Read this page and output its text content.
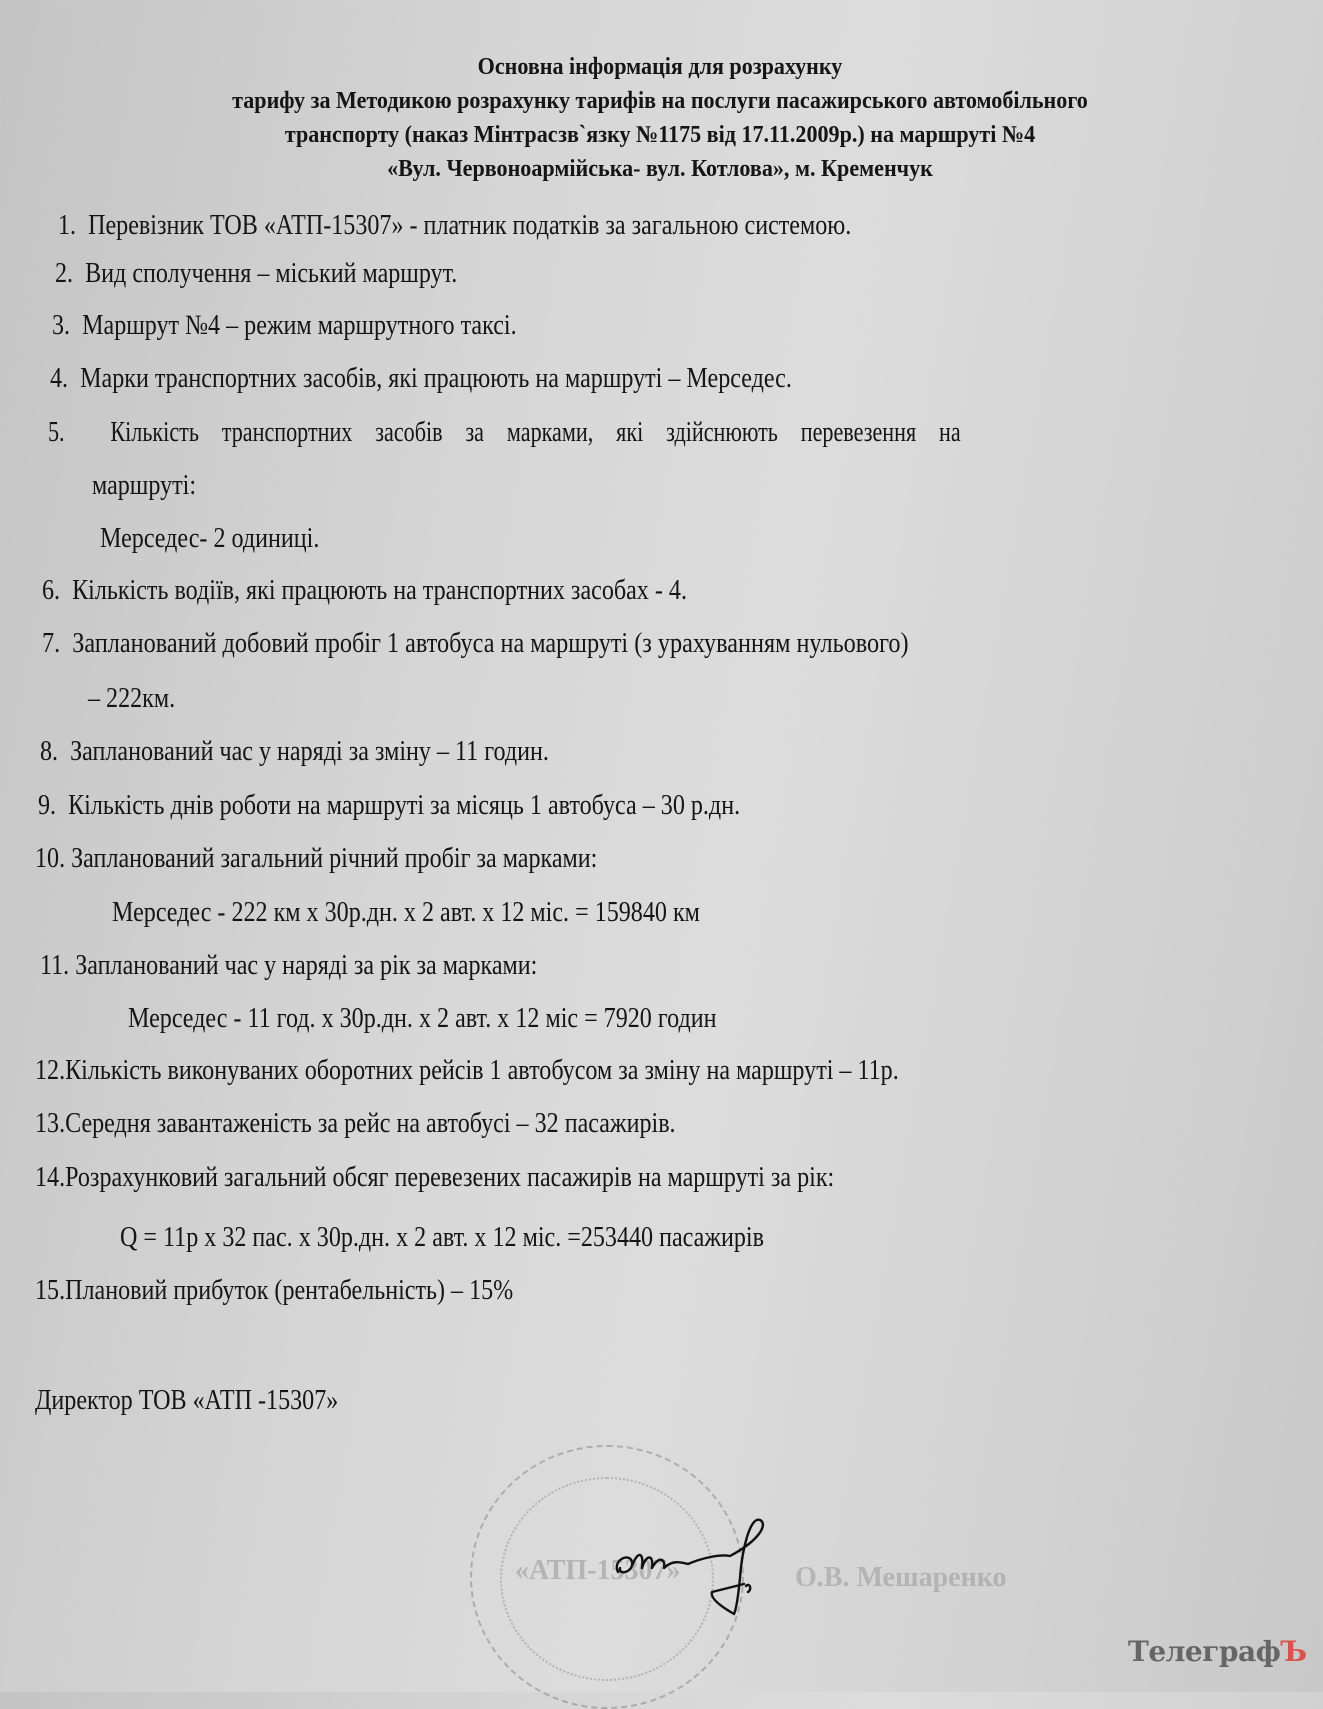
Основна інформація для розрахунку
тарифу за Методикою розрахунку тарифів на послуги пасажирського автомобільного
транспорту (наказ Мінтрасзв`язку №1175 від 17.11.2009р.) на маршруті №4
«Вул. Червоноармійська- вул. Котлова», м. Кременчук
1. Перевізник ТОВ «АТП-15307» - платник податків за загальною системою.
2. Вид сполучення – міський маршрут.
3. Маршрут №4 – режим маршрутного таксі.
4. Марки транспортних засобів, які працюють на маршруті – Мерседес.
5. Кількість транспортних засобів за марками, які здійснюють перевезення на
маршруті:
Мерседес- 2 одиниці.
6. Кількість водіїв, які працюють на транспортних засобах - 4.
7. Запланований добовий пробіг 1 автобуса на маршруті (з урахуванням нульового)
– 222км.
8. Запланований час у наряді за зміну – 11 годин.
9. Кількість днів роботи на маршруті за місяць 1 автобуса – 30 р.дн.
10. Запланований загальний річний пробіг за марками:
Мерседес - 222 км х 30р.дн. х 2 авт. х 12 міс. = 159840 км
11. Запланований час у наряді за рік за марками:
Мерседес - 11 год. х 30р.дн. х 2 авт. х 12 міс = 7920 годин
12.Кількість виконуваних оборотних рейсів 1 автобусом за зміну на маршруті – 11р.
13.Середня завантаженість за рейс на автобусі – 32 пасажирів.
14.Розрахунковий загальний обсяг перевезених пасажирів на маршруті за рік:
Q = 11р х 32 пас. х 30р.дн. х 2 авт. х 12 міс. =253440 пасажирів
15.Плановий прибуток (рентабельність) – 15%
«АТП-15307»	О.В. Мешаренко
Директор ТОВ «АТП -15307»
ТелеграфЪ
